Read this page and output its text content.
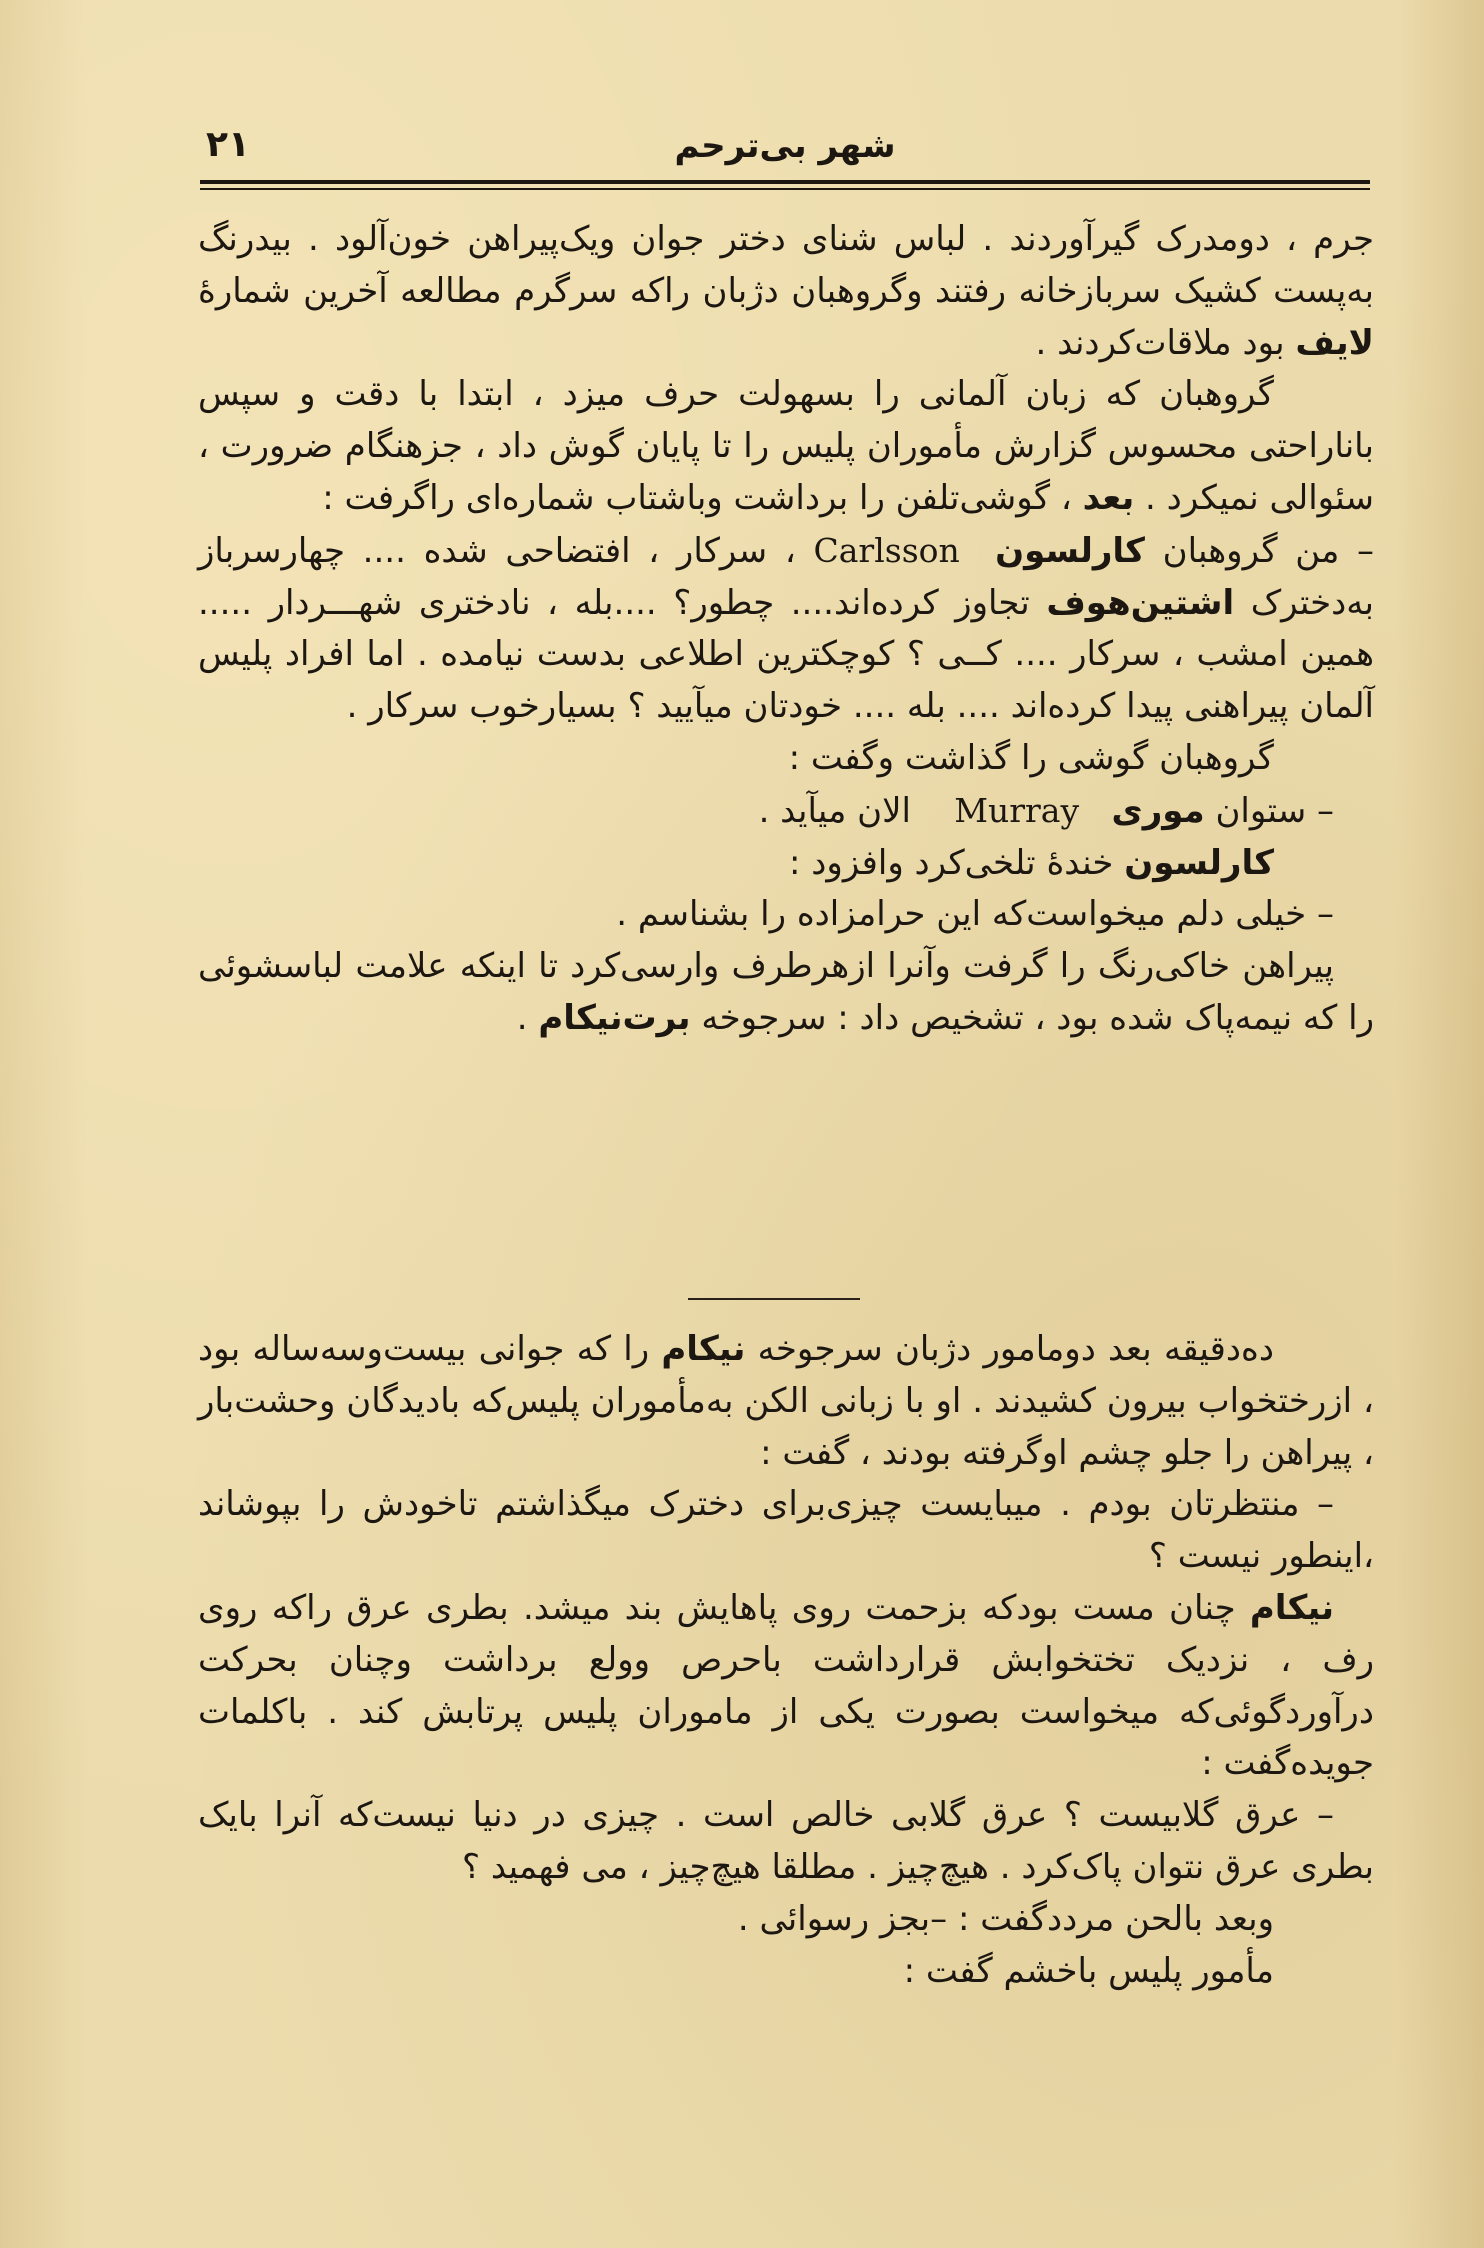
شهر بی‌ترحم
۲۱
جرم ، دومدرک گیرآوردند . لباس شنای دختر جوان ویک‌پیراهن خون‌آلود . بیدرنگ به‌پست کشیک سربازخانه رفتند وگروهبان دژبان راکه سرگرم مطالعه آخرین شمارهٔ لایف بود ملاقات‌کردند .
گروهبان که زبان آلمانی را بسهولت حرف میزد ، ابتدا با دقت و سپس باناراحتی محسوس گزارش مأموران پلیس را تا پایان گوش داد ، جزهنگام ضرورت ، سئوالی نمیکرد . بعد ، گوشی‌تلفن را برداشت وباشتاب شماره‌ای راگرفت :
– من گروهبان کارلسون  Carlsson ، سرکار ، افتضاحی شده .... چهارسرباز به‌دخترک اشتین‌هوف تجاوز کرده‌اند.... چطور؟ ....بله ، نادختری شهـــردار ..... همین امشب ، سرکار .... کــی ؟ کوچکترین اطلاعی بدست نیامده . اما افراد پلیس آلمان پیراهنی پیدا کرده‌اند .... بله .... خودتان میآیید ؟ بسیارخوب سرکار .
گروهبان گوشی را گذاشت وگفت :
– ستوان موری   Murray    الان میآید .
کارلسون خندهٔ تلخی‌کرد وافزود :
– خیلی دلم میخواست‌که این حرامزاده را بشناسم .
پیراهن خاکی‌رنگ را گرفت وآنرا ازهرطرف وارسی‌کرد تا اینکه علامت لباسشوئی را که نیمه‌پاک شده بود ، تشخیص داد : سرجوخه برت‌نیکام .
ده‌دقیقه بعد دومامور دژبان سرجوخه نیکام را که جوانی بیست‌وسه‌ساله بود ، ازرختخواب بیرون کشیدند . او با زبانی الکن به‌مأموران پلیس‌که بادیدگان وحشت‌بار ، پیراهن را جلو چشم اوگرفته بودند ، گفت :
– منتظرتان بودم . میبایست چیزی‌برای دخترک میگذاشتم تاخودش را بپوشاند ،اینطور نیست ؟
نیکام چنان مست بودکه بزحمت روی پاهایش بند میشد. بطری عرق راکه روی رف ، نزدیک تختخوابش قرارداشت باحرص وولع برداشت وچنان بحرکت درآوردگوئی‌که میخواست بصورت یکی از ماموران پلیس پرتابش کند . باکلمات جویده‌گفت :
– عرق گلابیست ؟ عرق گلابی خالص است . چیزی در دنیا نیست‌که آنرا بایک بطری عرق نتوان پاک‌کرد . هیچ‌چیز . مطلقا هیچ‌چیز ، می فهمید ؟
وبعد بالحن مرددگفت : –بجز رسوائی .
مأمور پلیس باخشم گفت :
